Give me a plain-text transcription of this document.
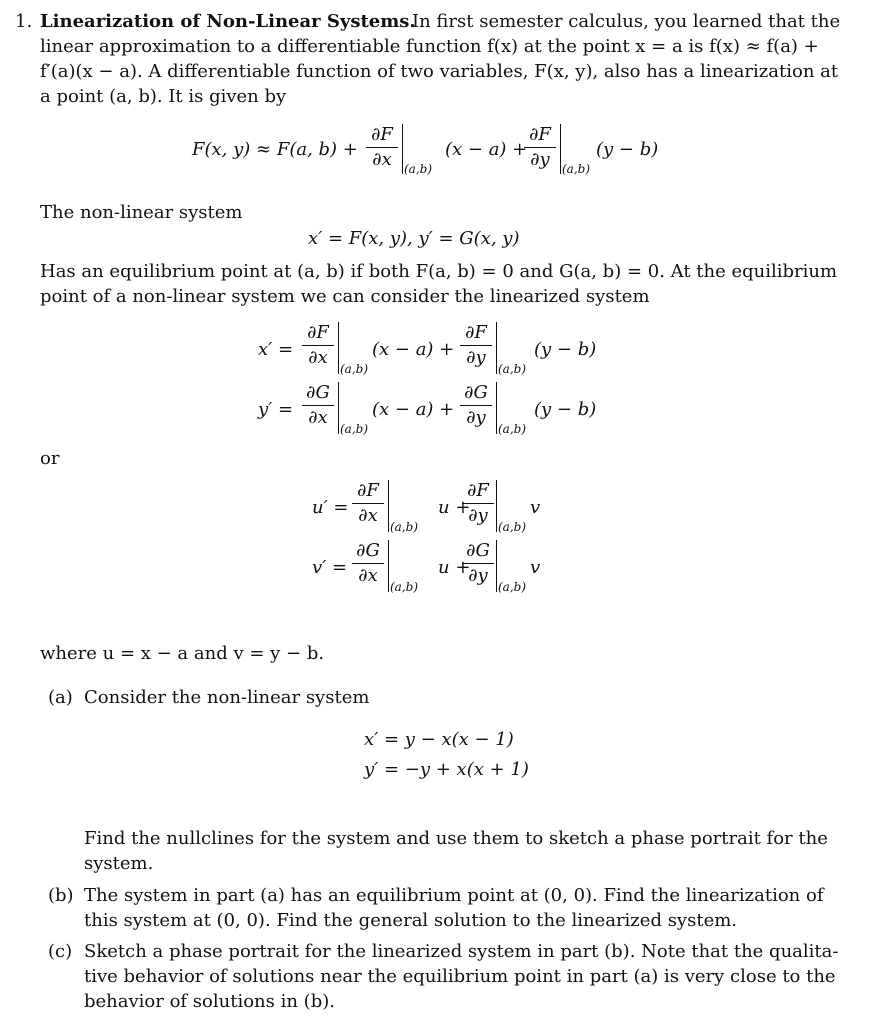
1. Linearization of Non-Linear Systems.
In first semester calculus, you learned that the
linear approximation to a differentiable function f(x) at the point x = a is f(x) ≈ f(a) +
f′(a)(x − a). A differentiable function of two variables, F(x, y), also has a linearization at
a point (a, b). It is given by
F(x, y) ≈ F(a, b) +
∂F
∂x	(a,b)
(x − a) +
∂F
∂y	(a,b)
(y − b)
The non-linear system
x′ = F(x, y), y′ = G(x, y)
Has an equilibrium point at (a, b) if both F(a, b) = 0 and G(a, b) = 0. At the equilibrium
point of a non-linear system we can consider the linearized system
x′ =
∂F
∂x
(a,b)
(x − a) +
∂F
∂y
(a,b)
(y − b)
y′ =
∂G
∂x
(a,b)
(x − a) +
∂G
∂y
(a,b)
(y − b)
or
u′ =
∂F
∂x
(a,b)
u +
∂F
∂y
(a,b)
v
v′ =
∂G
∂x
(a,b)
u +
∂G
∂y
(a,b)
v
where u = x − a and v = y − b.
(a) Consider the non-linear system
x′ = y − x(x − 1)
y′ = −y + x(x + 1)
Find the nullclines for the system and use them to sketch a phase portrait for the
system.
(b) The system in part (a) has an equilibrium point at (0, 0). Find the linearization of
this system at (0, 0). Find the general solution to the linearized system.
(c) Sketch a phase portrait for the linearized system in part (b). Note that the qualita-
tive behavior of solutions near the equilibrium point in part (a) is very close to the
behavior of solutions in (b).
